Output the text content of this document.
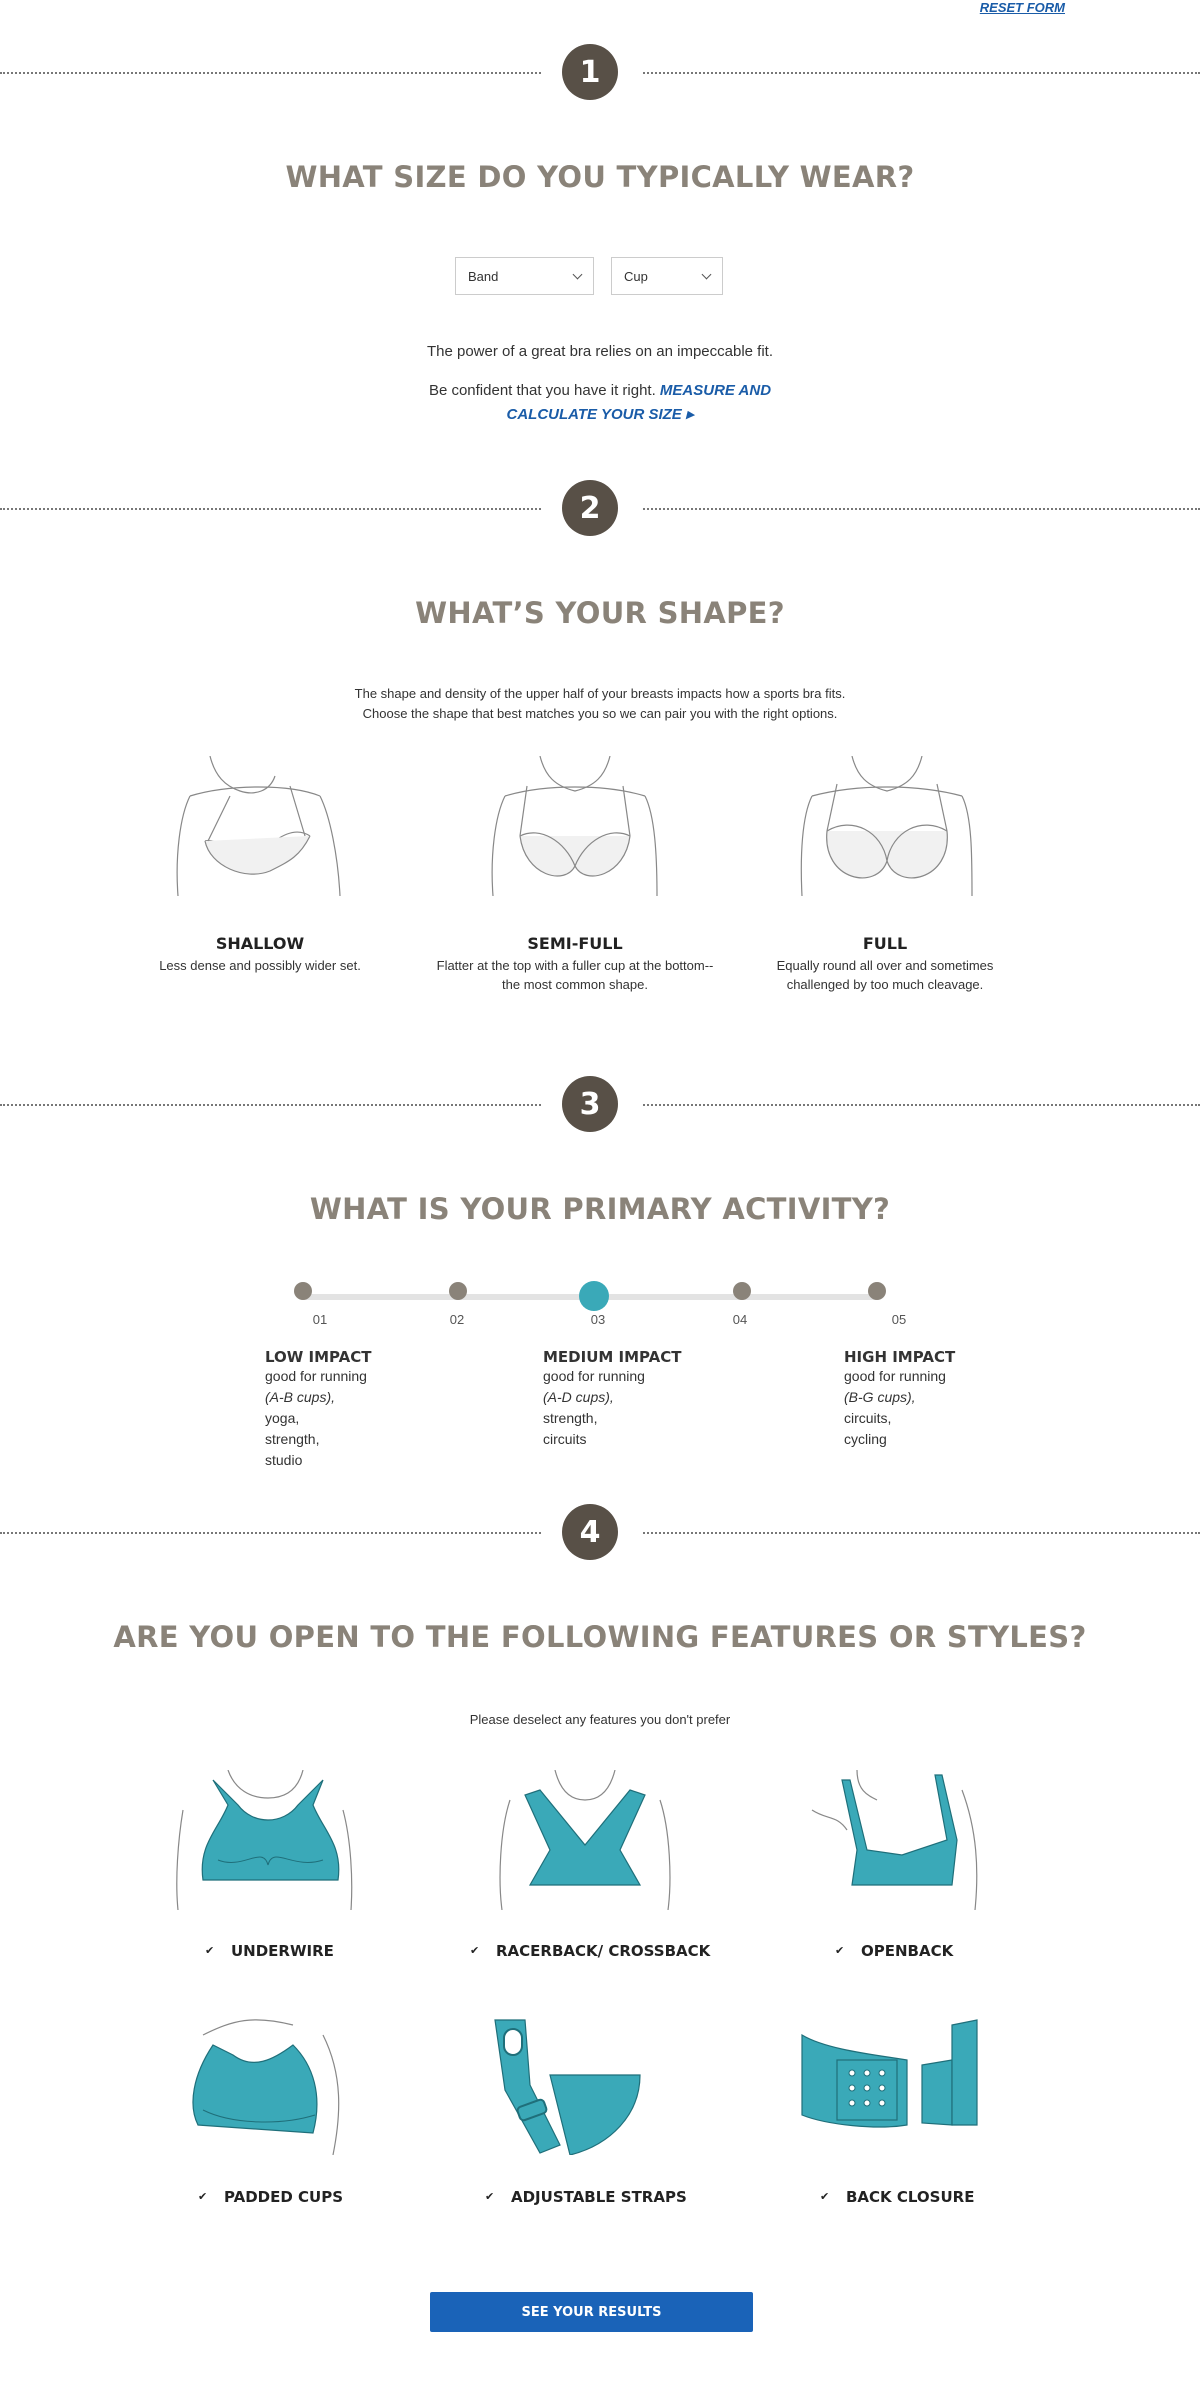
RESET FORM
1
WHAT SIZE DO YOU TYPICALLY WEAR?
Band	Cup
The power of a great bra relies on an impeccable fit.
Be confident that you have it right. MEASURE AND
CALCULATE YOUR SIZE ▸
2
WHAT’S YOUR SHAPE?
The shape and density of the upper half of your breasts impacts how a sports bra fits.
Choose the shape that best matches you so we can pair you with the right options.
SHALLOW
Less dense and possibly wider set.
SEMI-FULL
Flatter at the top with a fuller cup at the bottom--
the most common shape.
FULL
Equally round all over and sometimes
challenged by too much cleavage.
3
WHAT IS YOUR PRIMARY ACTIVITY?
01	02	03	04	05
LOW IMPACT
good for running
(A-B cups),
yoga,
strength,
studio
MEDIUM IMPACT
good for running
(A-D cups),
strength,
circuits
HIGH IMPACT
good for running
(B-G cups),
circuits,
cycling
4
ARE YOU OPEN TO THE FOLLOWING FEATURES OR STYLES?
Please deselect any features you don't prefer
✔ UNDERWIRE	✔ RACERBACK/ CROSSBACK	✔ OPENBACK
✔ PADDED CUPS	✔ ADJUSTABLE STRAPS	✔ BACK CLOSURE
SEE YOUR RESULTS
